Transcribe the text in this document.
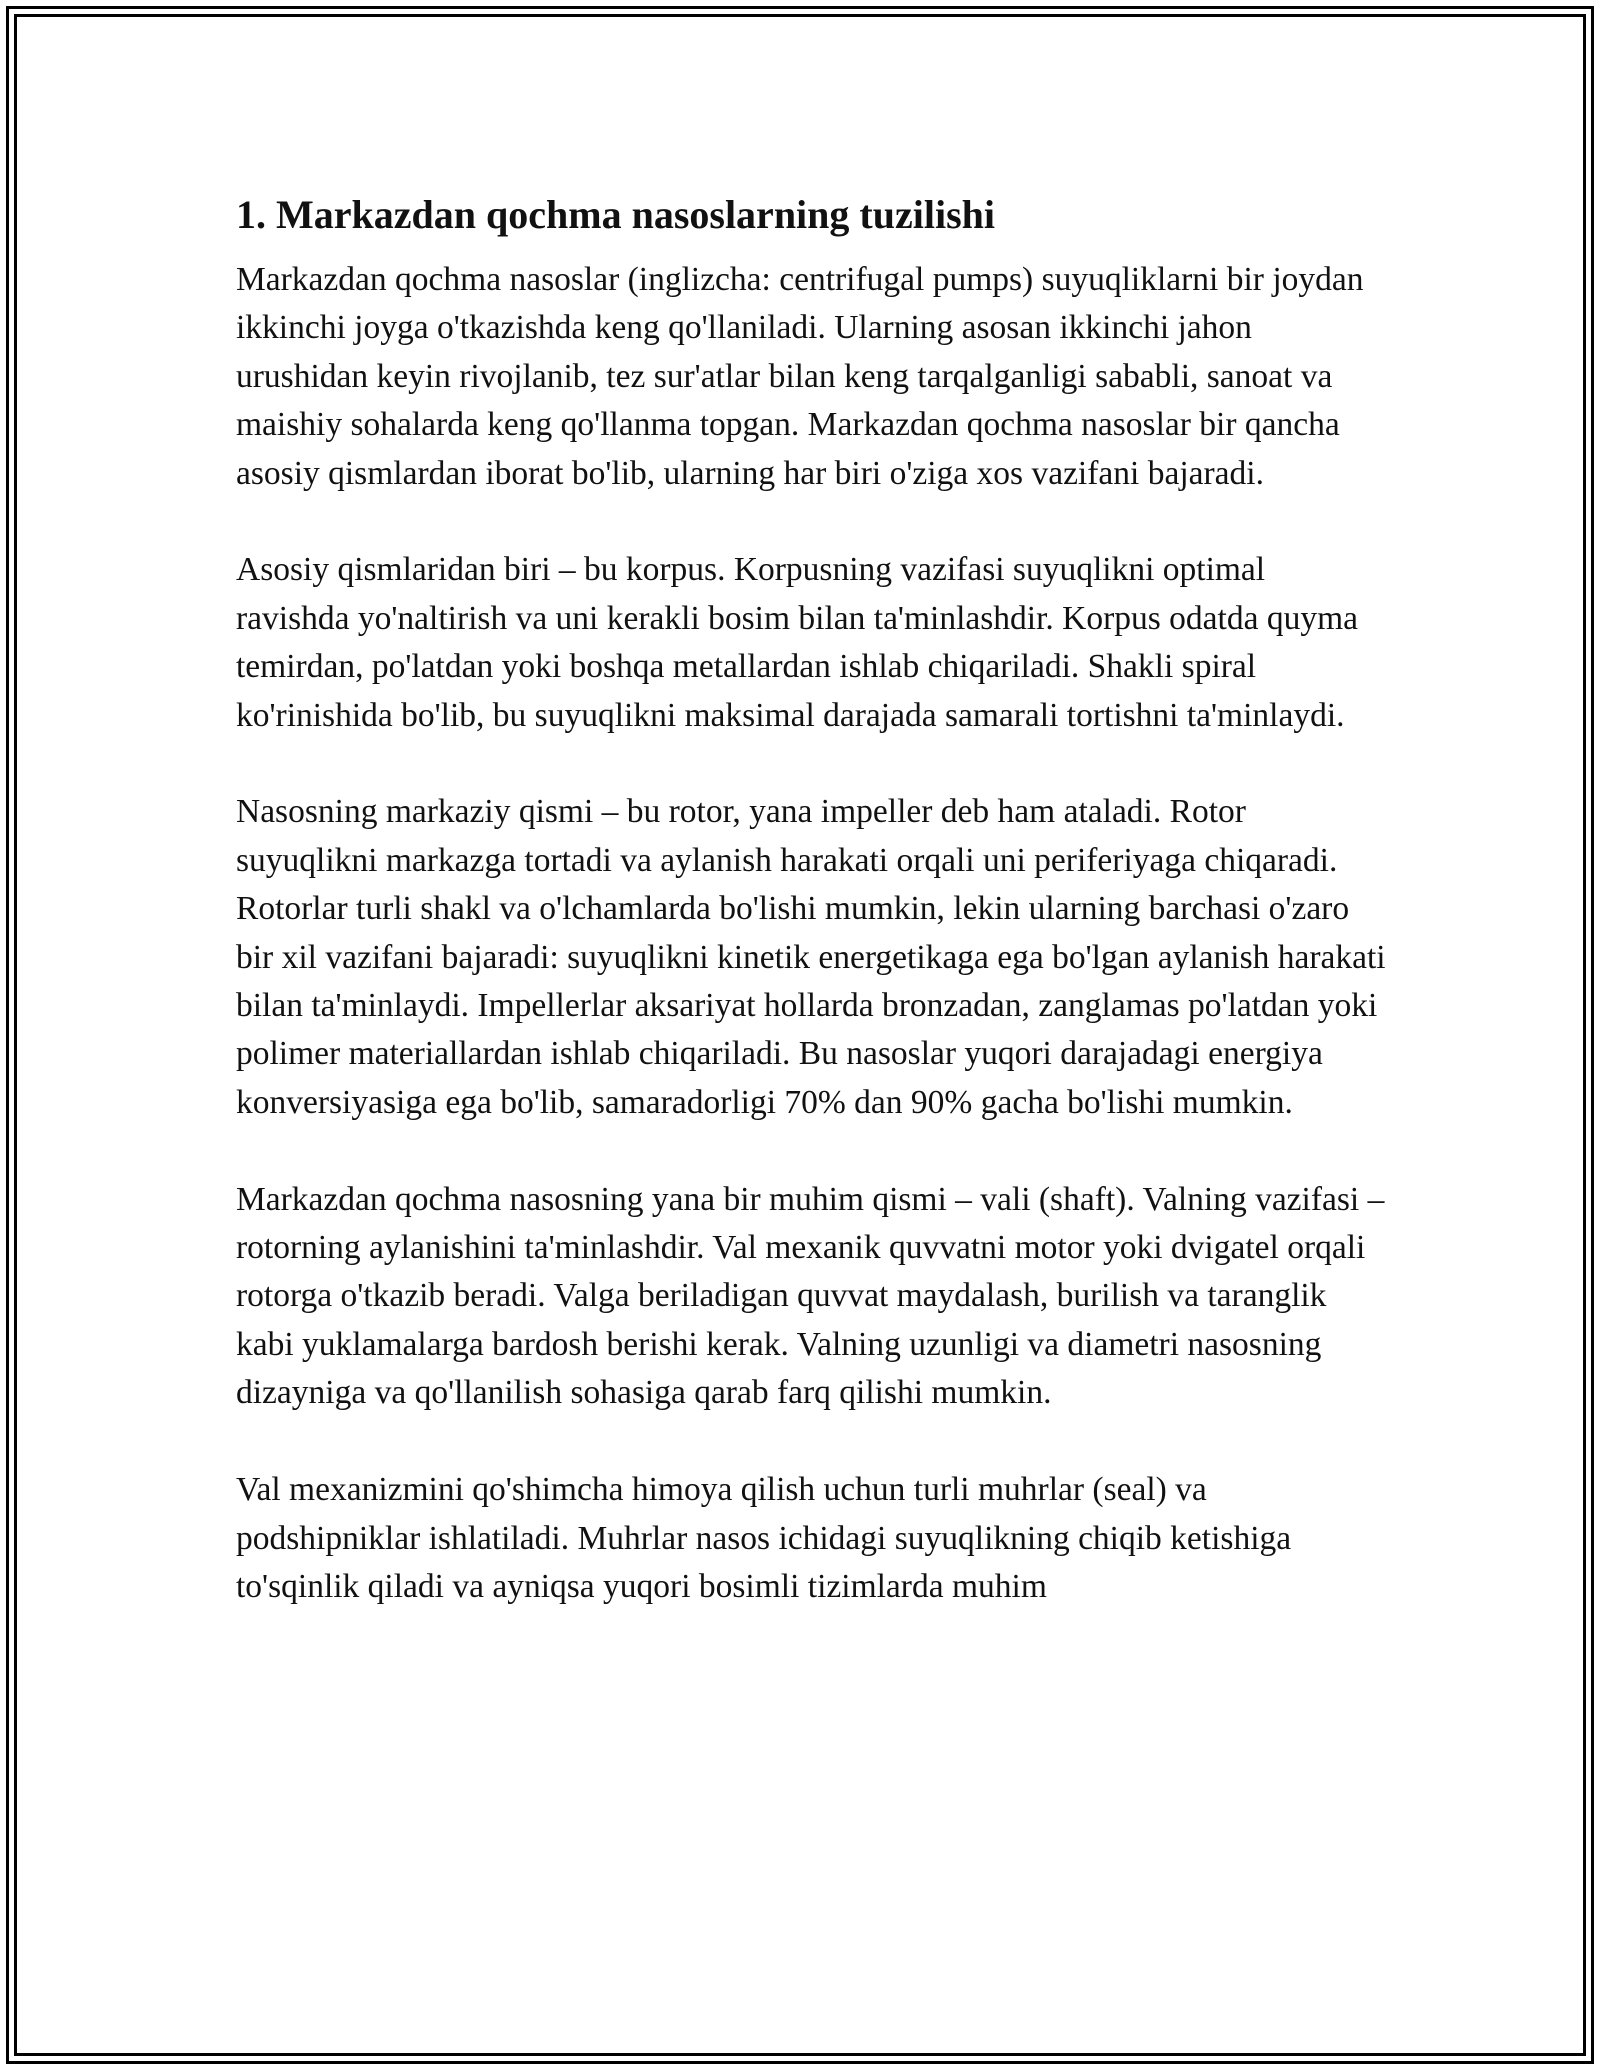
1. Markazdan qochma nasoslarning tuzilishi

Markazdan qochma nasoslar (inglizcha: centrifugal pumps) suyuqliklarni bir joydan ikkinchi joyga o'tkazishda keng qo'llaniladi. Ularning asosan ikkinchi jahon urushidan keyin rivojlanib, tez sur'atlar bilan keng tarqalganligi sababli, sanoat va maishiy sohalarda keng qo'llanma topgan. Markazdan qochma nasoslar bir qancha asosiy qismlardan iborat bo'lib, ularning har biri o'ziga xos vazifani bajaradi.

Asosiy qismlaridan biri – bu korpus. Korpusning vazifasi suyuqlikni optimal ravishda yo'naltirish va uni kerakli bosim bilan ta'minlashdir. Korpus odatda quyma temirdan, po'latdan yoki boshqa metallardan ishlab chiqariladi. Shakli spiral ko'rinishida bo'lib, bu suyuqlikni maksimal darajada samarali tortishni ta'minlaydi.

Nasosning markaziy qismi – bu rotor, yana impeller deb ham ataladi. Rotor suyuqlikni markazga tortadi va aylanish harakati orqali uni periferiyaga chiqaradi. Rotorlar turli shakl va o'lchamlarda bo'lishi mumkin, lekin ularning barchasi o'zaro bir xil vazifani bajaradi: suyuqlikni kinetik energetikaga ega bo'lgan aylanish harakati bilan ta'minlaydi. Impellerlar aksariyat hollarda bronzadan, zanglamas po'latdan yoki polimer materiallardan ishlab chiqariladi. Bu nasoslar yuqori darajadagi energiya konversiyasiga ega bo'lib, samaradorligi 70% dan 90% gacha bo'lishi mumkin.

Markazdan qochma nasosning yana bir muhim qismi – vali (shaft). Valning vazifasi – rotorning aylanishini ta'minlashdir. Val mexanik quvvatni motor yoki dvigatel orqali rotorga o'tkazib beradi. Valga beriladigan quvvat maydalash, burilish va taranglik kabi yuklamalarga bardosh berishi kerak. Valning uzunligi va diametri nasosning dizayniga va qo'llanilish sohasiga qarab farq qilishi mumkin.

Val mexanizmini qo'shimcha himoya qilish uchun turli muhrlar (seal) va podshipniklar ishlatiladi. Muhrlar nasos ichidagi suyuqlikning chiqib ketishiga to'sqinlik qiladi va ayniqsa yuqori bosimli tizimlarda muhim
